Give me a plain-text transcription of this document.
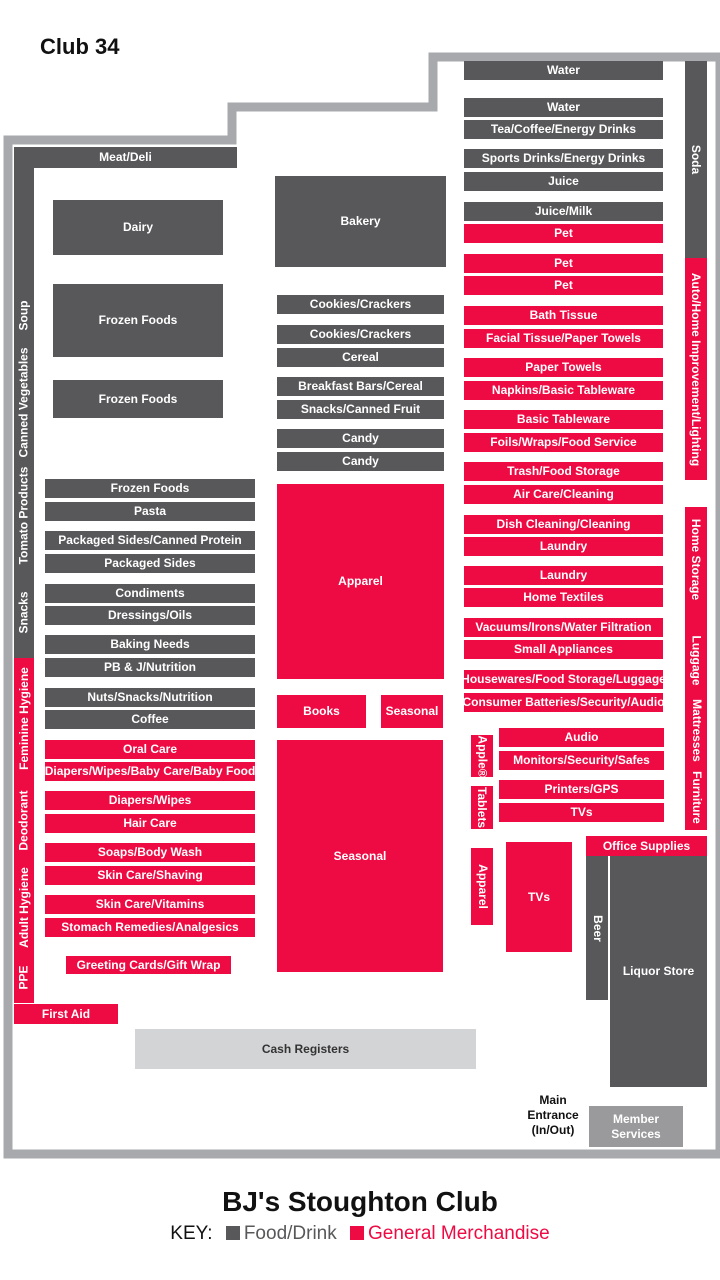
Club 34
Meat/Deli
Soup
Canned Vegetables
Tomato Products
Snacks
Feminine Hygiene
Deodorant
Adult Hygiene
PPE
First Aid
Dairy
Frozen Foods
Frozen Foods
Frozen Foods
Pasta
Packaged Sides/Canned Protein
Packaged Sides
Condiments
Dressings/Oils
Baking Needs
PB & J/Nutrition
Nuts/Snacks/Nutrition
Coffee
Oral Care
Diapers/Wipes/Baby Care/Baby Food
Diapers/Wipes
Hair Care
Soaps/Body Wash
Skin Care/Shaving
Skin Care/Vitamins
Stomach Remedies/Analgesics
Greeting Cards/Gift Wrap
Bakery
Cookies/Crackers
Cookies/Crackers
Cereal
Breakfast Bars/Cereal
Snacks/Canned Fruit
Candy
Candy
Apparel
Books	Seasonal
Seasonal
Water
Water
Tea/Coffee/Energy Drinks
Sports Drinks/Energy Drinks
Juice
Juice/Milk
Pet
Pet
Pet
Bath Tissue
Facial Tissue/Paper Towels
Paper Towels
Napkins/Basic Tableware
Basic Tableware
Foils/Wraps/Food Service
Trash/Food Storage
Air Care/Cleaning
Dish Cleaning/Cleaning
Laundry
Laundry
Home Textiles
Vacuums/Irons/Water Filtration
Small Appliances
Housewares/Food Storage/Luggage
Consumer Batteries/Security/Audio
Audio
Monitors/Security/Safes
Printers/GPS
TVs
Apple®
Tablets
Apparel	TVs
Soda
Auto/Home Improvement/Lighting
Home Storage
Luggage
Mattresses
Furniture
Office Supplies
Beer
Liquor Store
Cash Registers
Main Entrance (In/Out)
Member Services
BJ's Stoughton Club
KEY: Food/Drink General Merchandise
